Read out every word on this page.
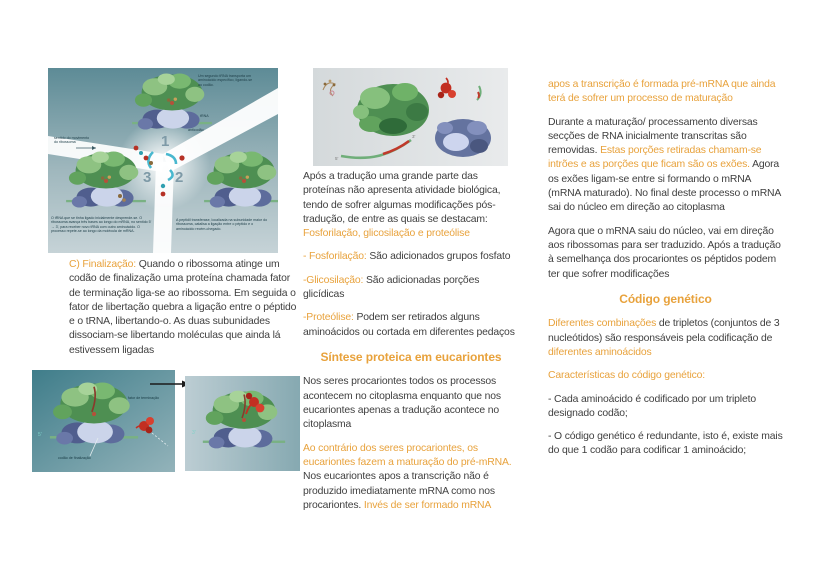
1
3 2
Um segundo tRNA transporta um aminoácido específico, ligando-se ao codão.
tRNA
anticodão
sentido do movimento do ribossoma
O tRNA que se tinha ligado inicialmente desprende-se. O ribossoma avança três bases ao longo do mRNA, no sentido 5' → 3', para receber novo tRNA com outro aminoácido. O processo repete-se ao longo da molécula de mRNA.
A peptidil transferase, localizada na subunidade maior do ribossoma, catalisa a ligação entre o péptido e o aminoácido recém-chegado.

C) Finalização: Quando o ribossoma atinge um codão de finalização uma proteína chamada fator de terminação liga-se ao ribossoma. Em seguida o fator de libertação quebra a ligação entre o péptido e o tRNA, libertando-o. As duas subunidades dissociam-se libertando moléculas que ainda lá estivessem ligadas

5'	3'
fator de terminação
codão de finalização
5'
3'

Após a tradução uma grande parte das proteínas não apresenta atividade biológica, tendo de sofrer algumas modificações pós-tradução, de entre as quais se destacam: Fosforilação, glicosilação e proteólise

- Fosforilação: São adicionados grupos fosfato

-Glicosilação: São adicionadas porções glicídicas

-Proteólise: Podem ser retirados alguns aminoácidos ou cortada em diferentes pedaços

Síntese proteica em eucariontes

Nos seres procariontes todos os processos acontecem no citoplasma enquanto que nos eucariontes apenas a tradução acontece no citoplasma

Ao contrário dos seres procariontes, os eucariontes fazem a maturação do pré-mRNA. Nos eucariontes apos a transcrição não é produzido imediatamente mRNA como nos procariontes. Invés de ser formado mRNA

apos a transcrição é formada pré-mRNA que ainda terá de sofrer um processo de maturação

Durante a maturação/ processamento diversas secções de RNA inicialmente transcritas são removidas. Estas porções retiradas chamam-se intrões e as porções que ficam são os exões. Agora os exões ligam-se entre si formando o mRNA (mRNA maturado). No final deste processo o mRNA sai do núcleo em direção ao citoplasma

Agora que o mRNA saiu do núcleo, vai em direção aos ribossomas para ser traduzido. Após a tradução à semelhança dos procariontes os péptidos podem ter que sofrer modificações

Código genético

Diferentes combinações de tripletos (conjuntos de 3 nucleótidos) são responsáveis pela codificação de diferentes aminoácidos

Características do código genético:

- Cada aminoácido é codificado por um tripleto designado codão;

- O código genético é redundante, isto é, existe mais do que 1 codão para codificar 1 aminoácido;
